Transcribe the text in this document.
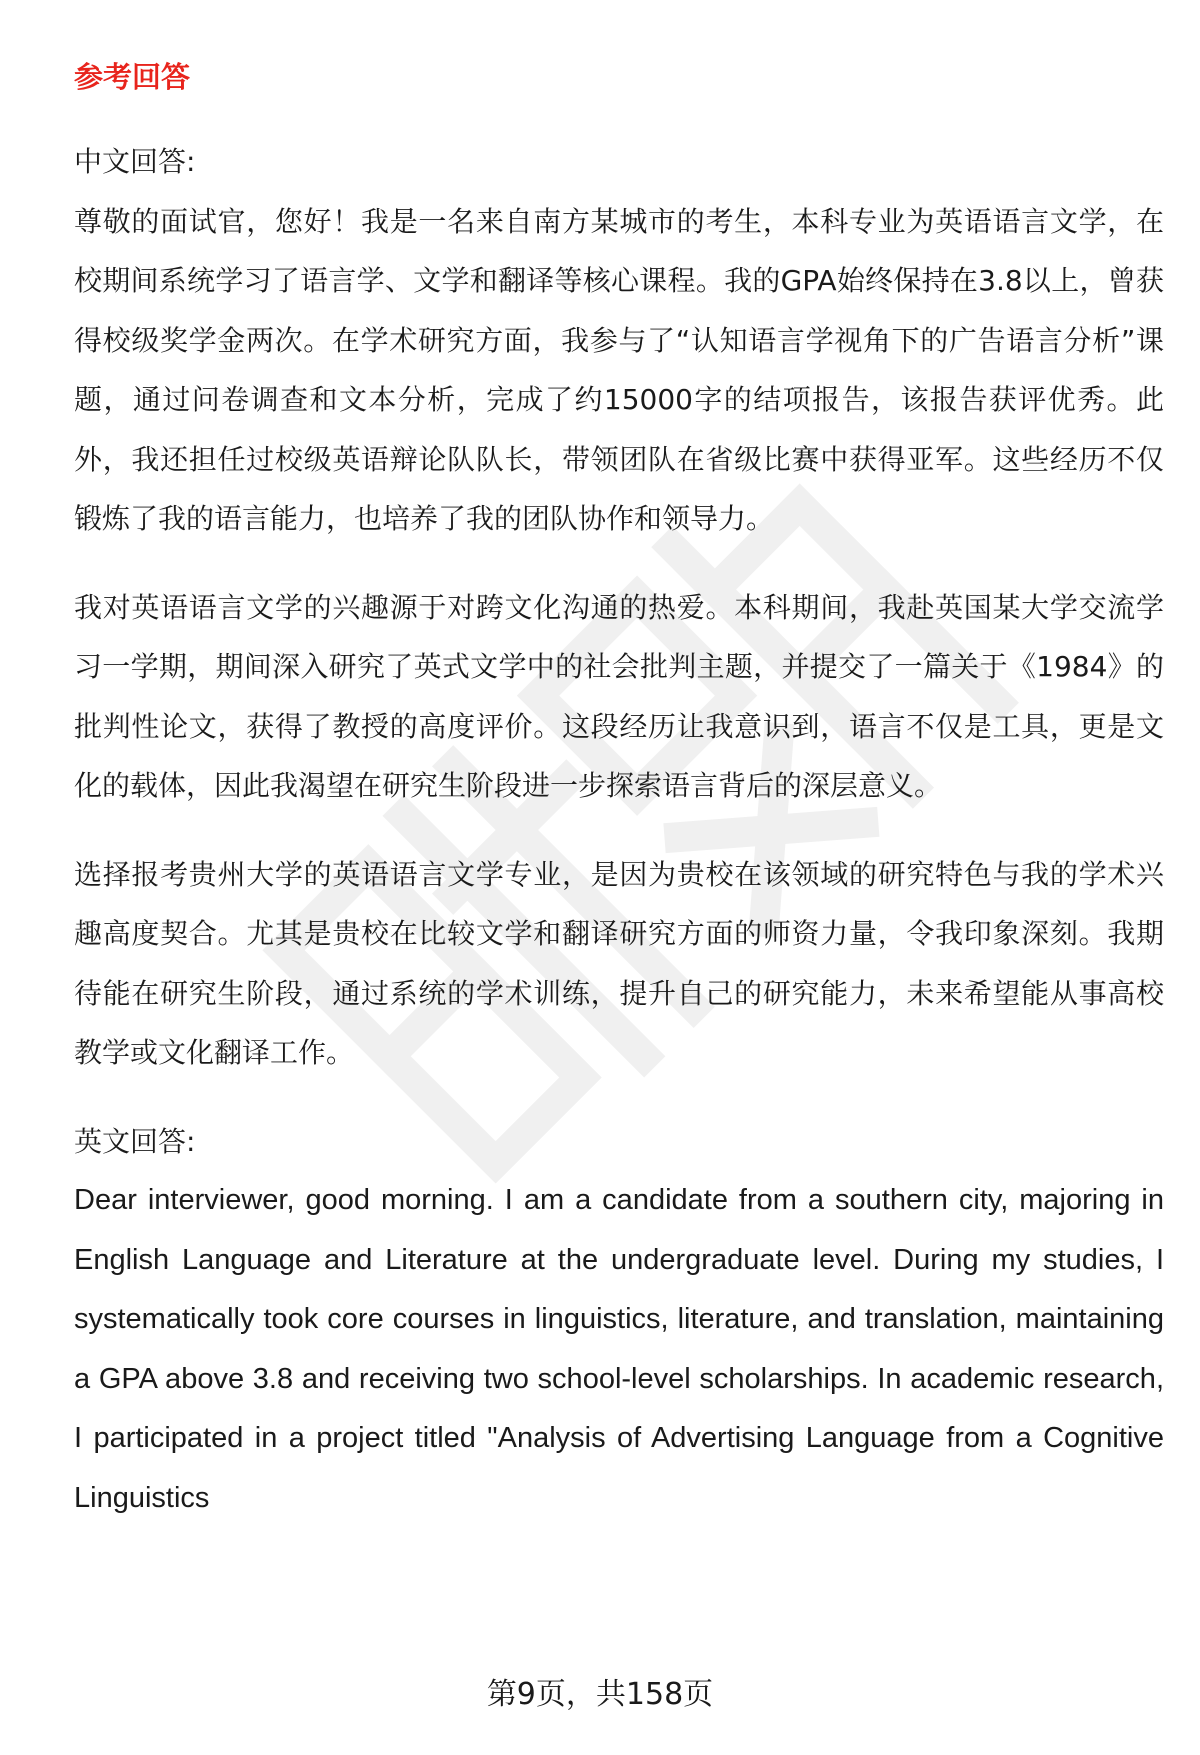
参考回答

中文回答:

尊敬的面试官，您好！我是一名来自南方某城市的考生，本科专业为英语语言文学，在校期间系统学习了语言学、文学和翻译等核心课程。我的GPA始终保持在3.8以上，曾获得校级奖学金两次。在学术研究方面，我参与了“认知语言学视角下的广告语言分析”课题，通过问卷调查和文本分析，完成了约15000字的结项报告，该报告获评优秀。此外，我还担任过校级英语辩论队队长，带领团队在省级比赛中获得亚军。这些经历不仅锻炼了我的语言能力，也培养了我的团队协作和领导力。

我对英语语言文学的兴趣源于对跨文化沟通的热爱。本科期间，我赴英国某大学交流学习一学期，期间深入研究了英式文学中的社会批判主题，并提交了一篇关于《1984》的批判性论文，获得了教授的高度评价。这段经历让我意识到，语言不仅是工具，更是文化的载体，因此我渴望在研究生阶段进一步探索语言背后的深层意义。

选择报考贵州大学的英语语言文学专业，是因为贵校在该领域的研究特色与我的学术兴趣高度契合。尤其是贵校在比较文学和翻译研究方面的师资力量，令我印象深刻。我期待能在研究生阶段，通过系统的学术训练，提升自己的研究能力，未来希望能从事高校教学或文化翻译工作。

英文回答:

Dear interviewer, good morning. I am a candidate from a southern city, majoring in English Language and Literature at the undergraduate level. During my studies, I systematically took core courses in linguistics, literature, and translation, maintaining a GPA above 3.8 and receiving two school-level scholarships. In academic research, I participated in a project titled "Analysis of Advertising Language from a Cognitive Linguistics

第9页，共158页
